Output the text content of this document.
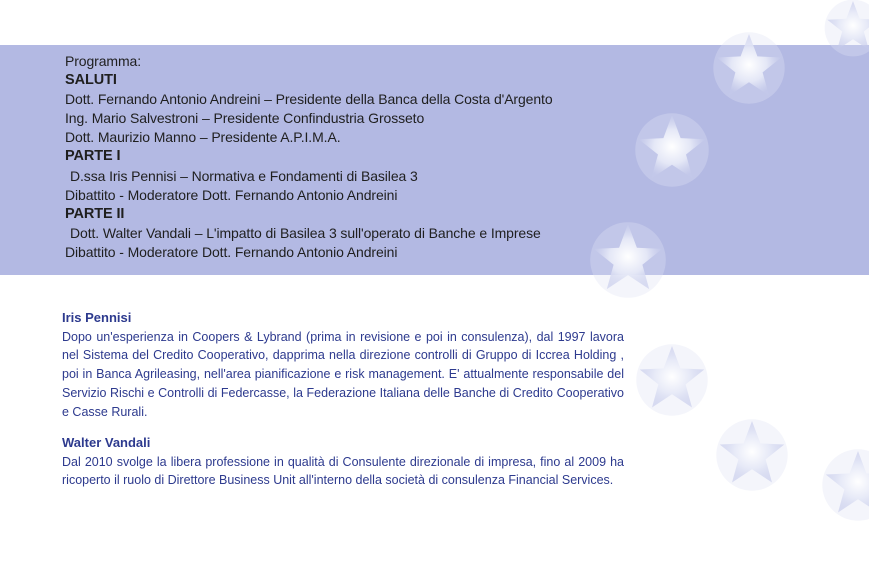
Programma:
SALUTI
Dott. Fernando Antonio Andreini – Presidente della Banca della Costa d'Argento
Ing. Mario Salvestroni – Presidente Confindustria Grosseto
Dott. Maurizio Manno – Presidente A.P.I.M.A.
PARTE I
D.ssa Iris Pennisi – Normativa e Fondamenti di Basilea 3
Dibattito - Moderatore Dott. Fernando Antonio Andreini
PARTE II
Dott. Walter Vandali – L'impatto di Basilea 3 sull'operato di Banche e Imprese
Dibattito - Moderatore Dott. Fernando Antonio Andreini
Iris Pennisi
Dopo un'esperienza in Coopers & Lybrand (prima in revisione e poi in consulenza), dal 1997 lavora nel Sistema del Credito Cooperativo, dapprima nella direzione controlli di Gruppo di Iccrea Holding , poi in Banca Agrileasing, nell'area pianificazione e risk management. E' attualmente responsabile del Servizio Rischi e Controlli di Federcasse, la Federazione Italiana delle Banche di Credito Cooperativo e Casse Rurali.
Walter Vandali
Dal 2010 svolge la libera professione in qualità di Consulente direzionale di impresa, fino al 2009 ha ricoperto il ruolo di Direttore Business Unit all'interno della società di consulenza Financial Services.
